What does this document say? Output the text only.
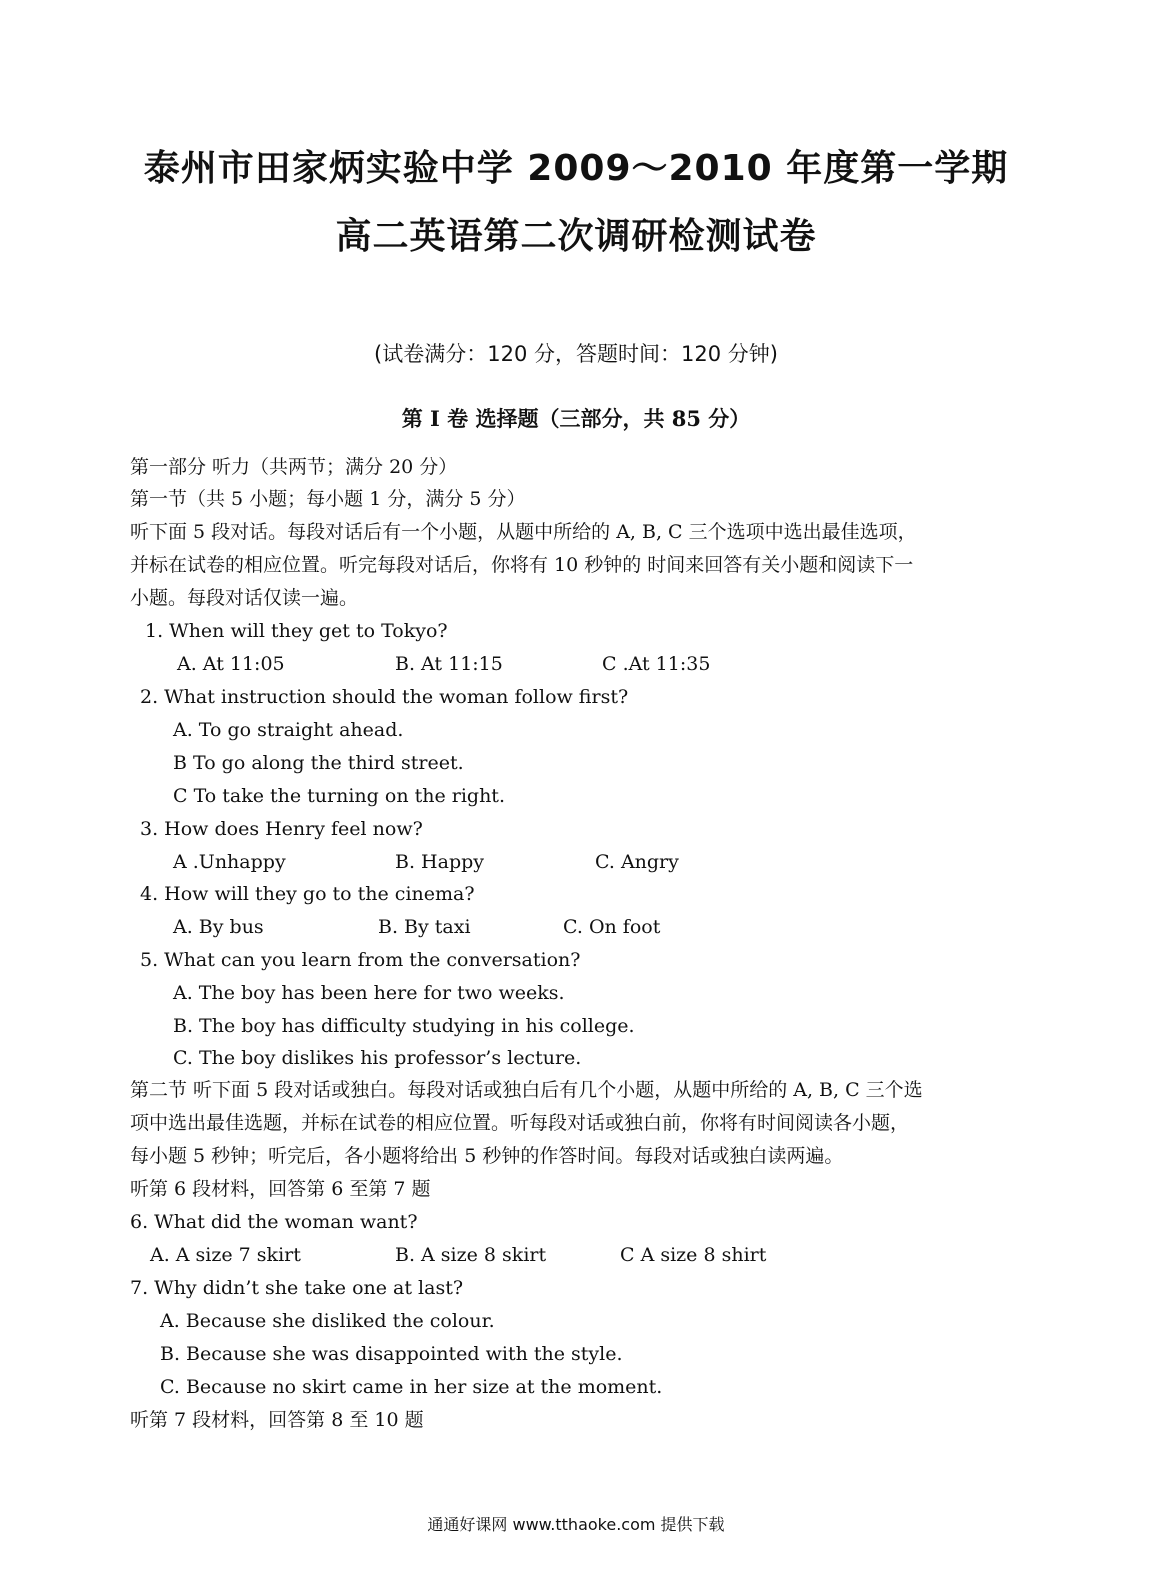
泰州市田家炳实验中学 2009～2010 年度第一学期
高二英语第二次调研检测试卷
(试卷满分：120 分，答题时间：120 分钟)
第 I 卷 选择题（三部分，共 85 分）
第一部分 听力（共两节；满分 20 分）
第一节（共 5 小题；每小题 1 分，满分 5 分）
听下面 5 段对话。每段对话后有一个小题，从题中所给的 A, B, C 三个选项中选出最佳选项，
并标在试卷的相应位置。听完每段对话后，你将有 10 秒钟的 时间来回答有关小题和阅读下一
小题。每段对话仅读一遍。
1. When will they get to Tokyo?
A. At 11:05	B. At 11:15	C .At 11:35
2. What instruction should the woman follow first?
A. To go straight ahead.
B To go along the third street.
C To take the turning on the right.
3. How does Henry feel now?
A .Unhappy	B. Happy	C. Angry
4. How will they go to the cinema?
A. By bus	B. By taxi	C. On foot
5. What can you learn from the conversation?
A. The boy has been here for two weeks.
B. The boy has difficulty studying in his college.
C. The boy dislikes his professor’s lecture.
第二节 听下面 5 段对话或独白。每段对话或独白后有几个小题，从题中所给的 A, B, C 三个选
项中选出最佳选题，并标在试卷的相应位置。听每段对话或独白前，你将有时间阅读各小题，
每小题 5 秒钟；听完后，各小题将给出 5 秒钟的作答时间。每段对话或独白读两遍。
听第 6 段材料，回答第 6 至第 7 题
6. What did the woman want?
A. A size 7 skirt	B. A size 8 skirt	C A size 8 shirt
7. Why didn’t she take one at last?
A. Because she disliked the colour.
B. Because she was disappointed with the style.
C. Because no skirt came in her size at the moment.
听第 7 段材料，回答第 8 至 10 题
通通好课网 www.tthaoke.com 提供下载
